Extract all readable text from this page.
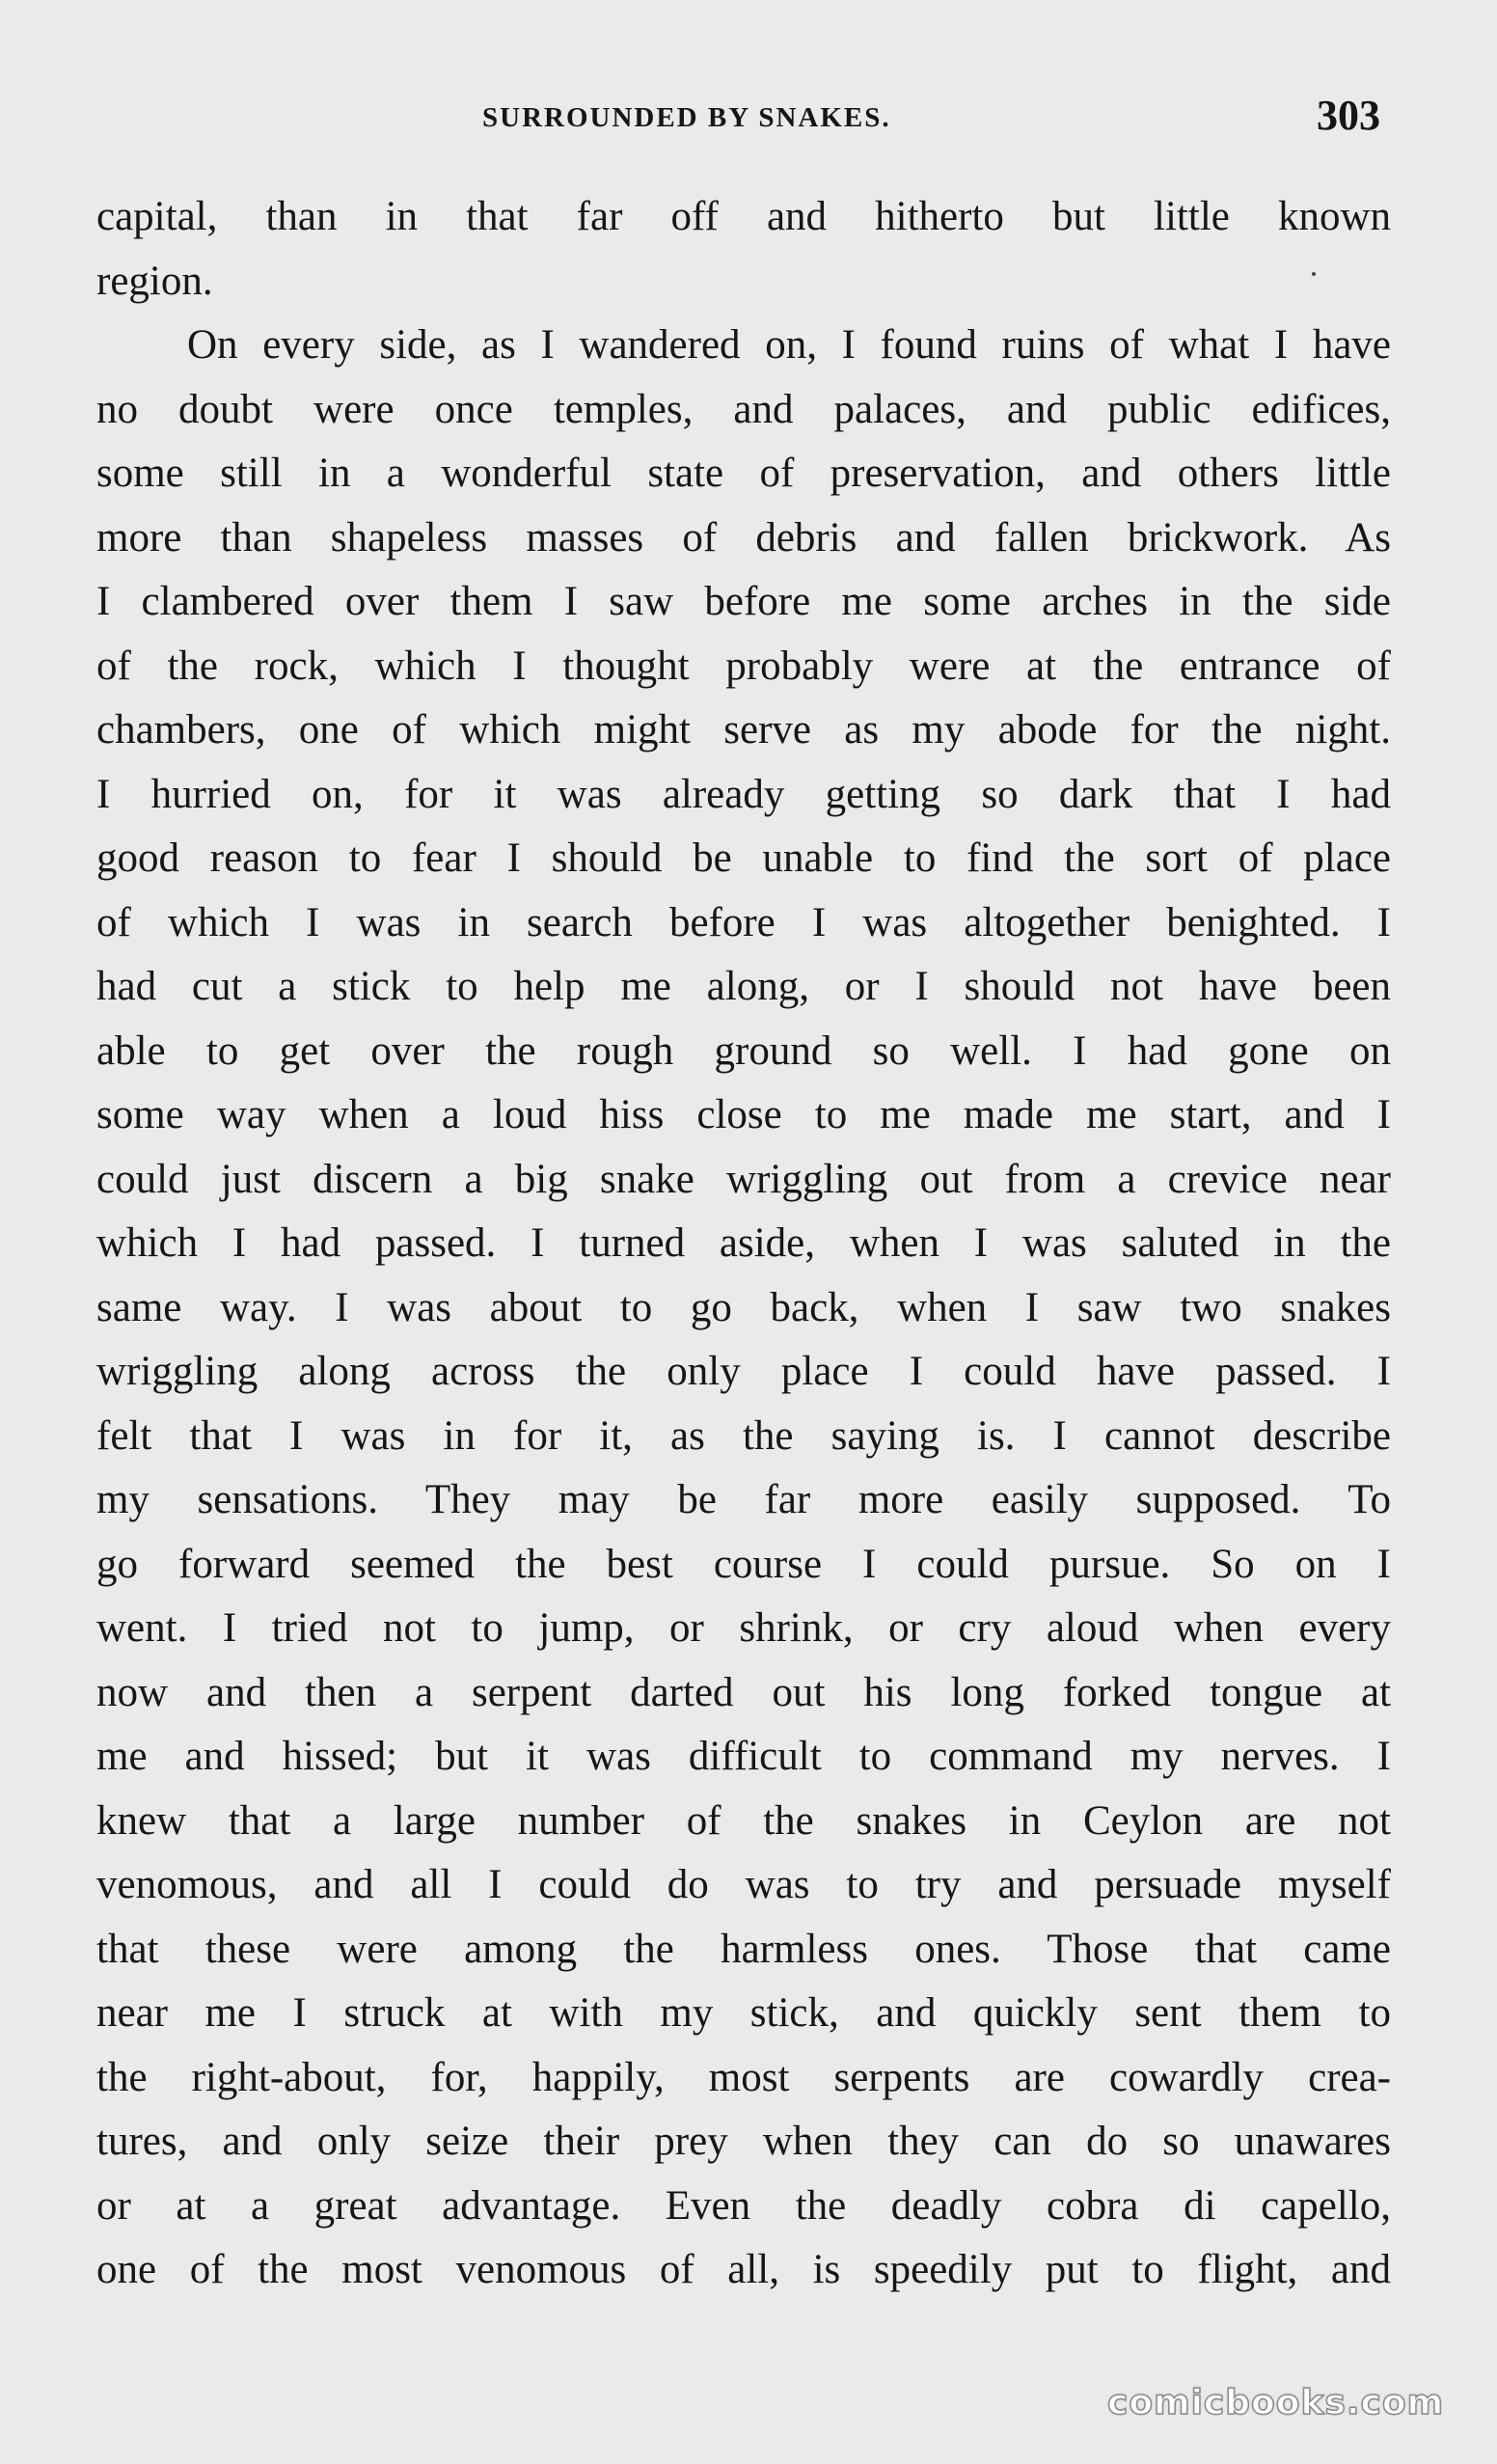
SURROUNDED BY SNAKES.	303
capital, than in that far off and hitherto but little known
region.
On every side, as I wandered on, I found ruins of what I have
no doubt were once temples, and palaces, and public edifices,
some still in a wonderful state of preservation, and others little
more than shapeless masses of debris and fallen brickwork. As
I clambered over them I saw before me some arches in the side
of the rock, which I thought probably were at the entrance of
chambers, one of which might serve as my abode for the night.
I hurried on, for it was already getting so dark that I had
good reason to fear I should be unable to find the sort of place
of which I was in search before I was altogether benighted. I
had cut a stick to help me along, or I should not have been
able to get over the rough ground so well. I had gone on
some way when a loud hiss close to me made me start, and I
could just discern a big snake wriggling out from a crevice near
which I had passed. I turned aside, when I was saluted in the
same way. I was about to go back, when I saw two snakes
wriggling along across the only place I could have passed. I
felt that I was in for it, as the saying is. I cannot describe
my sensations. They may be far more easily supposed. To
go forward seemed the best course I could pursue. So on I
went. I tried not to jump, or shrink, or cry aloud when every
now and then a serpent darted out his long forked tongue at
me and hissed; but it was difficult to command my nerves. I
knew that a large number of the snakes in Ceylon are not
venomous, and all I could do was to try and persuade myself
that these were among the harmless ones. Those that came
near me I struck at with my stick, and quickly sent them to
the right-about, for, happily, most serpents are cowardly crea-
tures, and only seize their prey when they can do so unawares
or at a great advantage. Even the deadly cobra di capello,
one of the most venomous of all, is speedily put to flight, and
comicbooks.com
